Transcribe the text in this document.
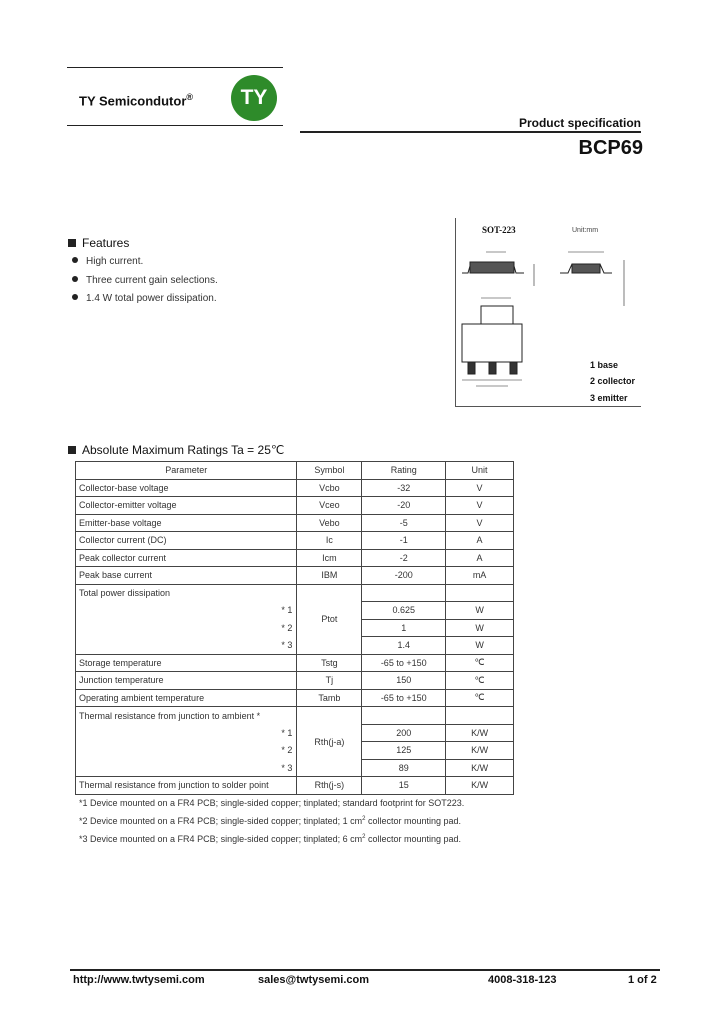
TY Semicondutor®	TY
Product specification
BCP69
Features
High current.
Three current gain selections.
1.4 W total power dissipation.
SOT-223	Unit:mm
1 base
2 collector
3 emitter
Absolute Maximum Ratings Ta = 25℃
Parameter	Symbol	Rating	Unit
Collector-base voltage	Vcbo	-32	V
Collector-emitter voltage	Vceo	-20	V
Emitter-base voltage	Vebo	-5	V
Collector current (DC)	Ic	-1	A
Peak collector current	Icm	-2	A
Peak base current	IBM	-200	mA
Total power dissipation	Ptot		
* 1		0.625	W
* 2		1	W
* 3		1.4	W
Storage temperature	Tstg	-65 to +150	℃
Junction temperature	Tj	150	℃
Operating ambient temperature	Tamb	-65 to +150	℃
Thermal resistance from junction to ambient *	Rth(j-a)		
* 1		200	K/W
* 2		125	K/W
* 3		89	K/W
Thermal resistance from junction to solder point	Rth(j-s)	15	K/W
*1 Device mounted on a FR4 PCB; single-sided copper; tinplated; standard footprint for SOT223.
*2 Device mounted on a FR4 PCB; single-sided copper; tinplated; 1 $cm^2$ collector mounting pad.
*3 Device mounted on a FR4 PCB; single-sided copper; tinplated; 6 $cm^2$ collector mounting pad.
http://www.twtysemi.com	sales@twtysemi.com	4008-318-123	1 of 2
